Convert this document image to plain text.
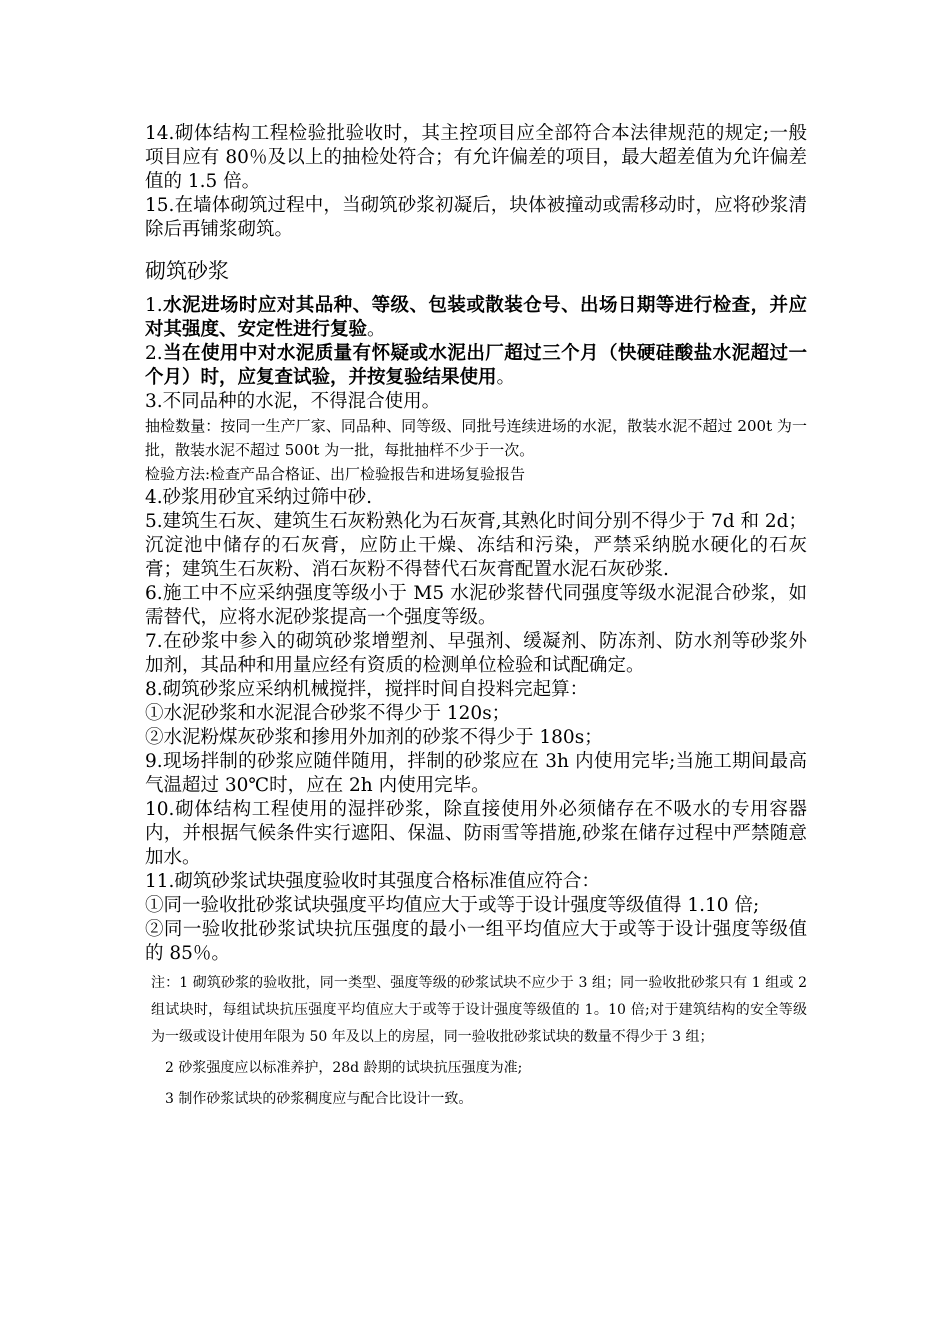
14.砌体结构工程检验批验收时，其主控项目应全部符合本法律规范的规定;一般项目应有 80％及以上的抽检处符合；有允许偏差的项目，最大超差值为允许偏差值的 1.5 倍。

15.在墙体砌筑过程中，当砌筑砂浆初凝后，块体被撞动或需移动时，应将砂浆清除后再铺浆砌筑。

砌筑砂浆

1.水泥进场时应对其品种、等级、包装或散装仓号、出场日期等进行检查，并应对其强度、安定性进行复验。

2.当在使用中对水泥质量有怀疑或水泥出厂超过三个月（快硬硅酸盐水泥超过一个月）时，应复查试验，并按复验结果使用。

3.不同品种的水泥，不得混合使用。

抽检数量：按同一生产厂家、同品种、同等级、同批号连续进场的水泥，散装水泥不超过 200t 为一批，散装水泥不超过 500t 为一批，每批抽样不少于一次。

检验方法:检查产品合格证、出厂检验报告和进场复验报告

4.砂浆用砂宜采纳过筛中砂.

5.建筑生石灰、建筑生石灰粉熟化为石灰膏,其熟化时间分别不得少于 7d 和 2d；沉淀池中储存的石灰膏，应防止干燥、冻结和污染，严禁采纳脱水硬化的石灰膏；建筑生石灰粉、消石灰粉不得替代石灰膏配置水泥石灰砂浆.

6.施工中不应采纳强度等级小于 M5 水泥砂浆替代同强度等级水泥混合砂浆，如需替代，应将水泥砂浆提高一个强度等级。

7.在砂浆中参入的砌筑砂浆增塑剂、早强剂、缓凝剂、防冻剂、防水剂等砂浆外加剂，其品种和用量应经有资质的检测单位检验和试配确定。

8.砌筑砂浆应采纳机械搅拌，搅拌时间自投料完起算：

①水泥砂浆和水泥混合砂浆不得少于 120s；

②水泥粉煤灰砂浆和掺用外加剂的砂浆不得少于 180s；

9.现场拌制的砂浆应随伴随用，拌制的砂浆应在 3h 内使用完毕;当施工期间最高气温超过 30℃时，应在 2h 内使用完毕。

10.砌体结构工程使用的湿拌砂浆，除直接使用外必须储存在不吸水的专用容器内，并根据气候条件实行遮阳、保温、防雨雪等措施,砂浆在储存过程中严禁随意加水。

11.砌筑砂浆试块强度验收时其强度合格标准值应符合：

①同一验收批砂浆试块强度平均值应大于或等于设计强度等级值得 1.10 倍;

②同一验收批砂浆试块抗压强度的最小一组平均值应大于或等于设计强度等级值的 85％。

注：1 砌筑砂浆的验收批，同一类型、强度等级的砂浆试块不应少于 3 组；同一验收批砂浆只有 1 组或 2 组试块时，每组试块抗压强度平均值应大于或等于设计强度等级值的 1。10 倍;对于建筑结构的安全等级为一级或设计使用年限为 50 年及以上的房屋，同一验收批砂浆试块的数量不得少于 3 组；

2 砂浆强度应以标准养护，28d 龄期的试块抗压强度为准;

3 制作砂浆试块的砂浆稠度应与配合比设计一致。
